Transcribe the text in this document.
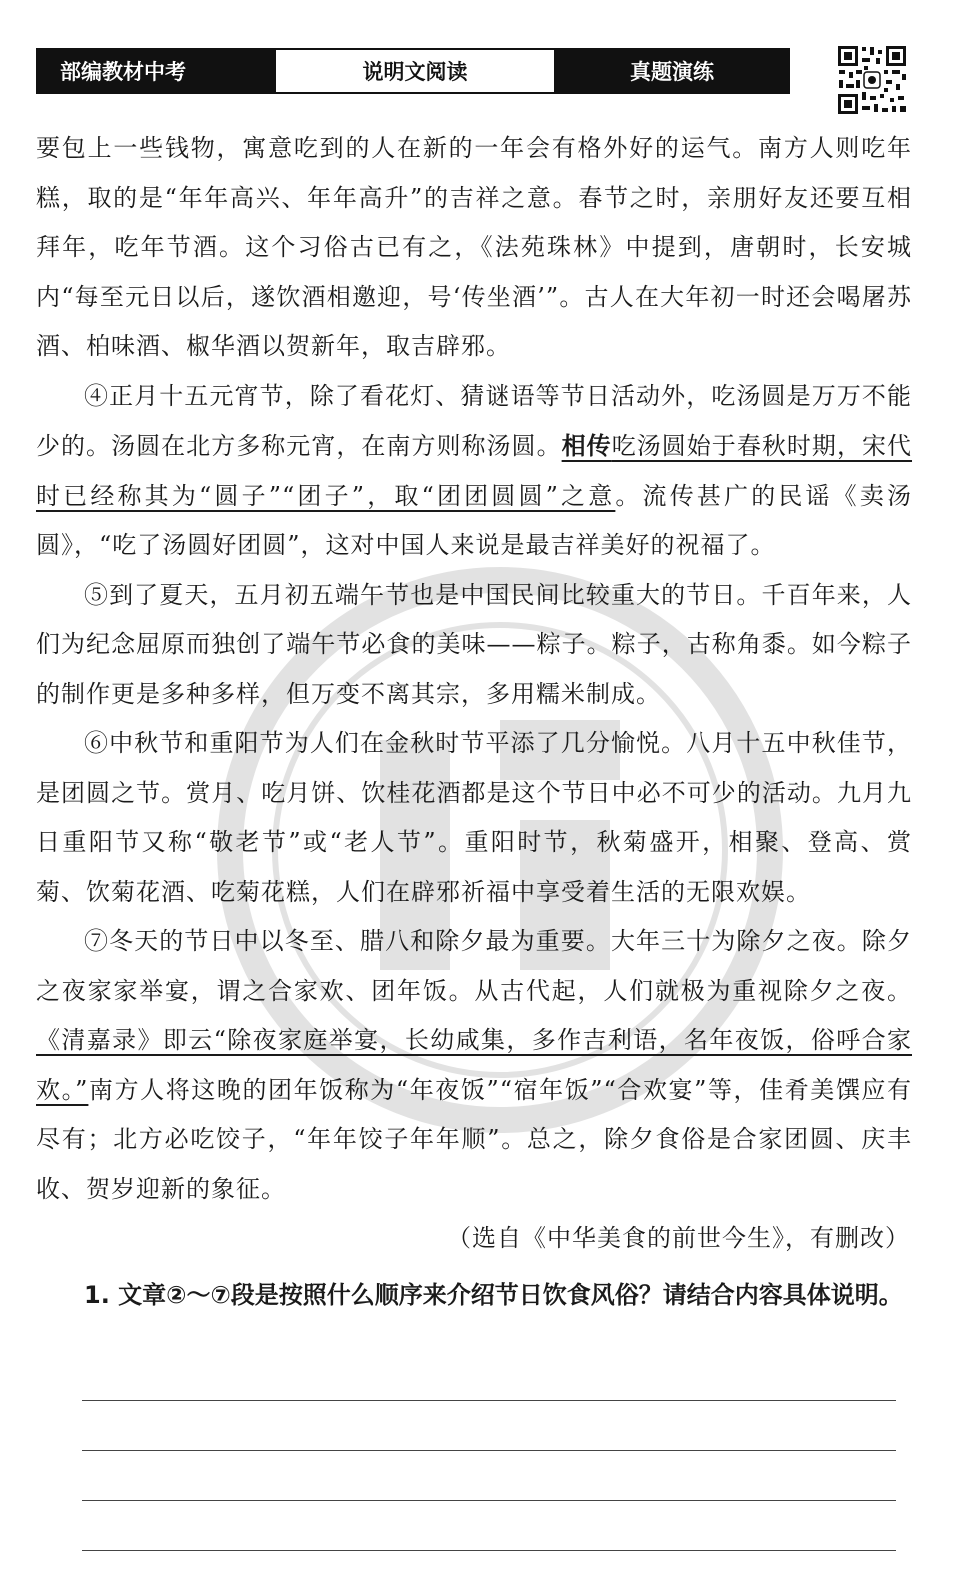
部编教材中考	说明文阅读	真题演练

要包上一些钱物，寓意吃到的人在新的一年会有格外好的运气。南方人则吃年糕，取的是“年年高兴、年年高升”的吉祥之意。春节之时，亲朋好友还要互相拜年，吃年节酒。这个习俗古已有之，《法苑珠林》中提到，唐朝时，长安城内“每至元日以后，遂饮酒相邀迎，号‘传坐酒’”。古人在大年初一时还会喝屠苏酒、柏味酒、椒华酒以贺新年，取吉辟邪。

④正月十五元宵节，除了看花灯、猜谜语等节日活动外，吃汤圆是万万不能少的。汤圆在北方多称元宵，在南方则称汤圆。相传吃汤圆始于春秋时期，宋代时已经称其为“圆子”“团子”，取“团团圆圆”之意。流传甚广的民谣《卖汤圆》，“吃了汤圆好团圆”，这对中国人来说是最吉祥美好的祝福了。

⑤到了夏天，五月初五端午节也是中国民间比较重大的节日。千百年来，人们为纪念屈原而独创了端午节必食的美味——粽子。粽子，古称角黍。如今粽子的制作更是多种多样，但万变不离其宗，多用糯米制成。

⑥中秋节和重阳节为人们在金秋时节平添了几分愉悦。八月十五中秋佳节，是团圆之节。赏月、吃月饼、饮桂花酒都是这个节日中必不可少的活动。九月九日重阳节又称“敬老节”或“老人节”。重阳时节，秋菊盛开，相聚、登高、赏菊、饮菊花酒、吃菊花糕，人们在辟邪祈福中享受着生活的无限欢娱。

⑦冬天的节日中以冬至、腊八和除夕最为重要。大年三十为除夕之夜。除夕之夜家家举宴，谓之合家欢、团年饭。从古代起，人们就极为重视除夕之夜。《清嘉录》即云“除夜家庭举宴，长幼咸集，多作吉利语，名年夜饭，俗呼合家欢。”南方人将这晚的团年饭称为“年夜饭”“宿年饭”“合欢宴”等，佳肴美馔应有尽有；北方必吃饺子，“年年饺子年年顺”。总之，除夕食俗是合家团圆、庆丰收、贺岁迎新的象征。

（选自《中华美食的前世今生》，有删改）

1. 文章②～⑦段是按照什么顺序来介绍节日饮食风俗？请结合内容具体说明。
